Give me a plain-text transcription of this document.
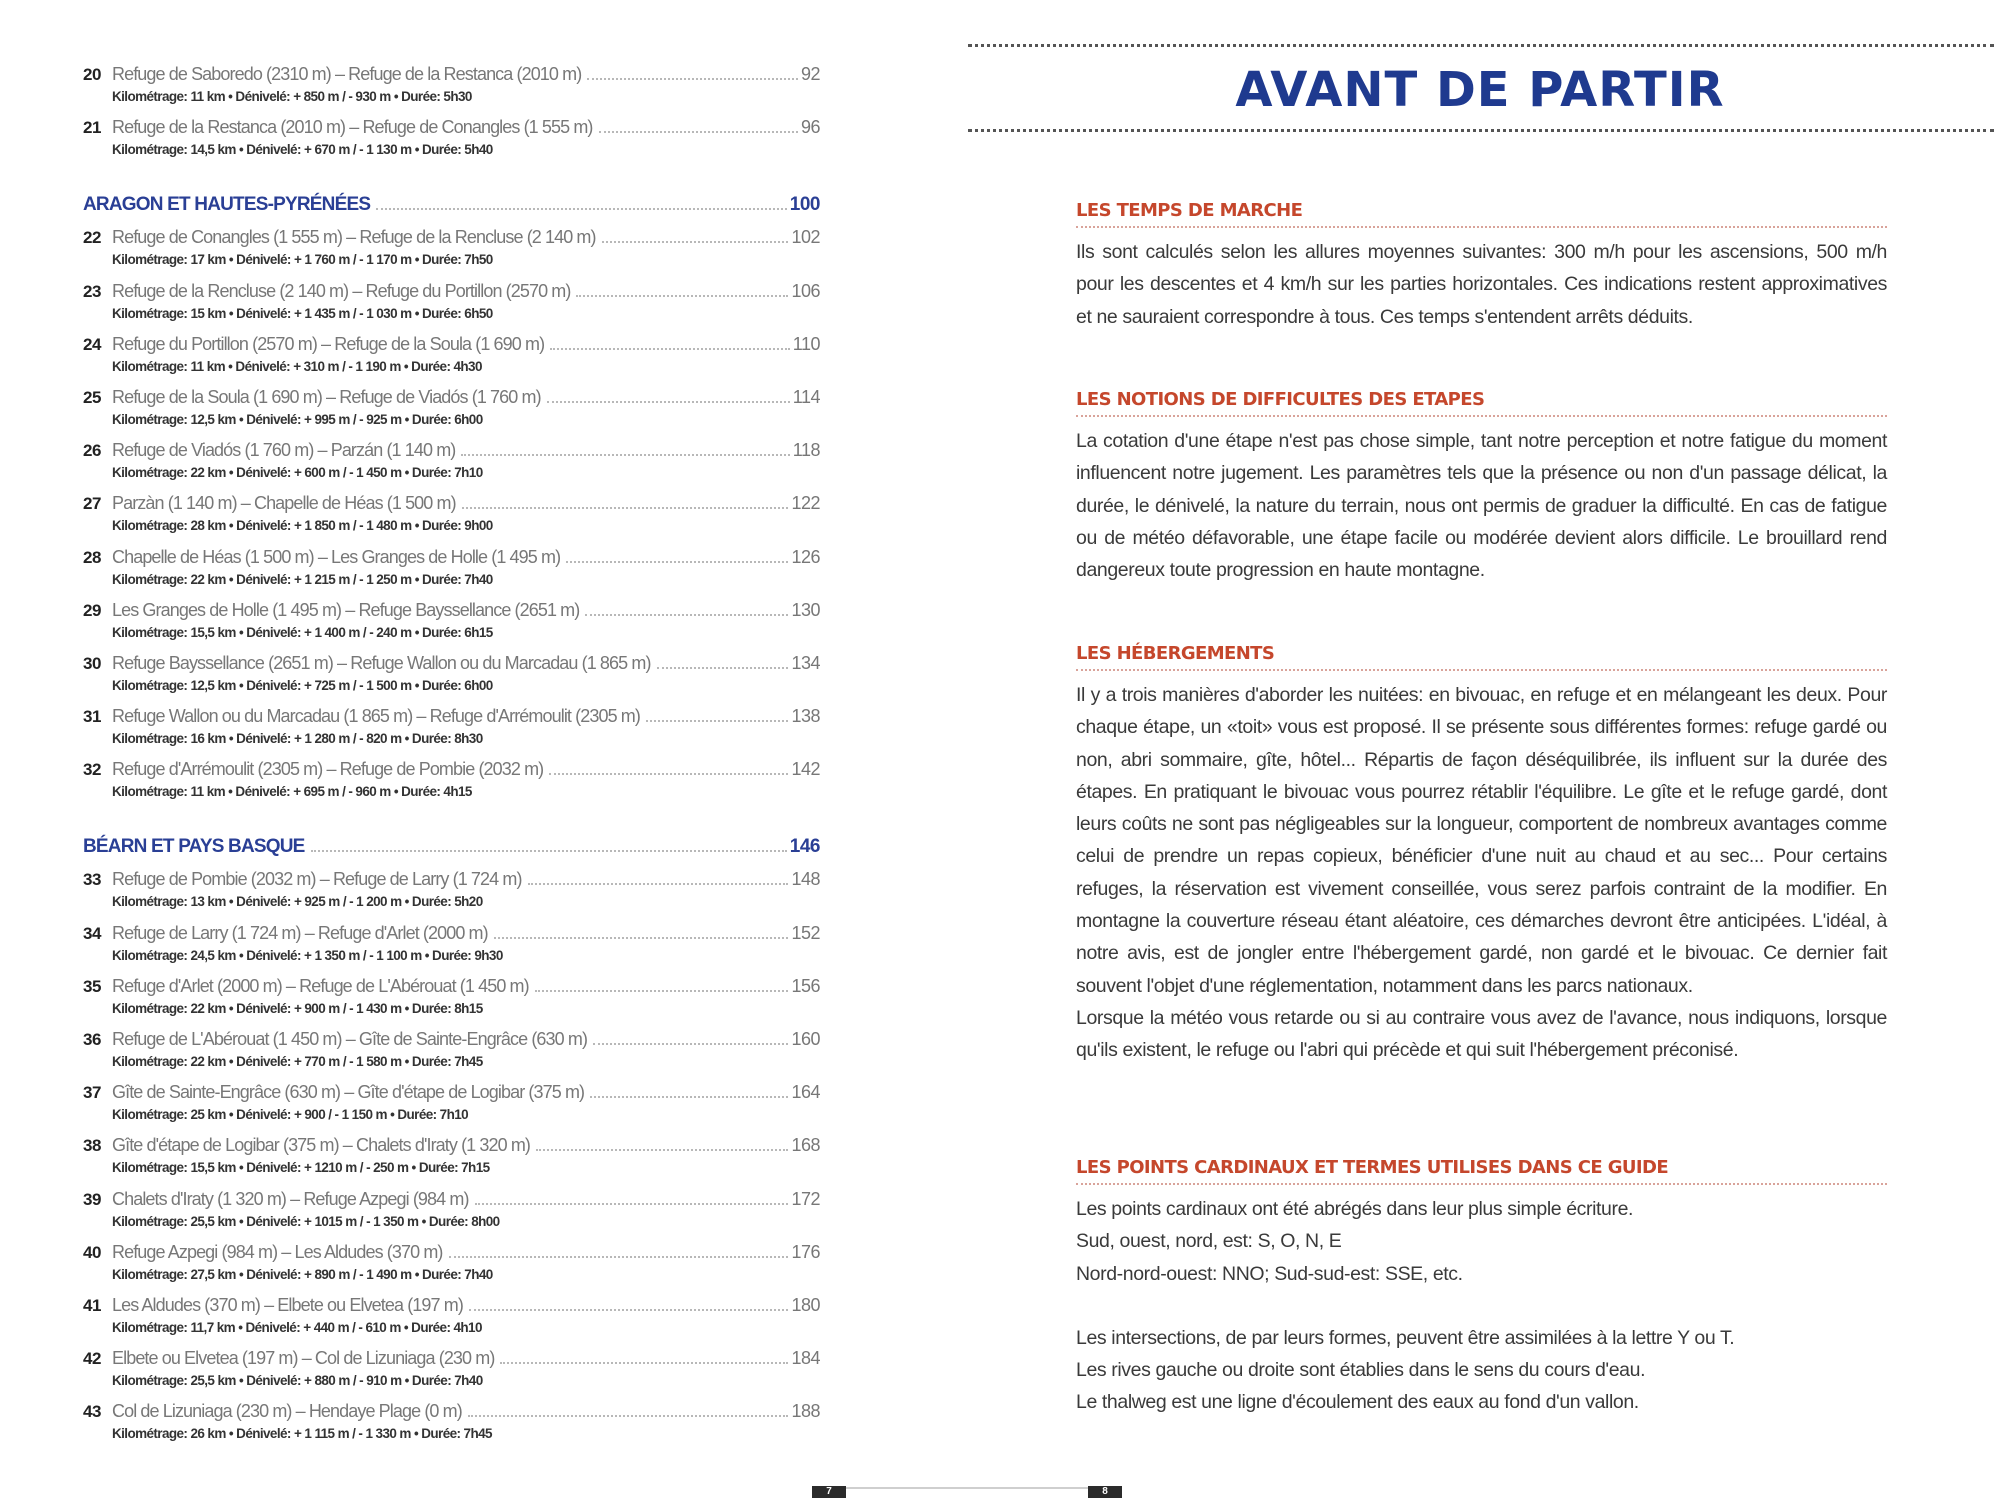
20 Refuge de Saboredo (2310 m) – Refuge de la Restanca (2010 m)	92
Kilométrage: 11 km • Dénivelé: + 850 m / - 930 m • Durée: 5h30
21 Refuge de la Restanca (2010 m) – Refuge de Conangles (1 555 m)	96
Kilométrage: 14,5 km • Dénivelé: + 670 m / - 1 130 m • Durée: 5h40
ARAGON ET HAUTES-PYRÉNÉES	100
22 Refuge de Conangles (1 555 m) – Refuge de la Rencluse (2 140 m)	102
Kilométrage: 17 km • Dénivelé: + 1 760 m / - 1 170 m • Durée: 7h50
23 Refuge de la Rencluse (2 140 m) – Refuge du Portillon (2570 m)	106
Kilométrage: 15 km • Dénivelé: + 1 435 m / - 1 030 m • Durée: 6h50
24 Refuge du Portillon (2570 m) – Refuge de la Soula (1 690 m)	110
Kilométrage: 11 km • Dénivelé: + 310 m / - 1 190 m • Durée: 4h30
25 Refuge de la Soula (1 690 m) – Refuge de Viadós (1 760 m)	114
Kilométrage: 12,5 km • Dénivelé: + 995 m / - 925 m • Durée: 6h00
26 Refuge de Viadós (1 760 m) – Parzán (1 140 m)	118
Kilométrage: 22 km • Dénivelé: + 600 m / - 1 450 m • Durée: 7h10
27 Parzàn (1 140 m) – Chapelle de Héas (1 500 m)	122
Kilométrage: 28 km • Dénivelé: + 1 850 m / - 1 480 m • Durée: 9h00
28 Chapelle de Héas (1 500 m) – Les Granges de Holle (1 495 m)	126
Kilométrage: 22 km • Dénivelé: + 1 215 m / - 1 250 m • Durée: 7h40
29 Les Granges de Holle (1 495 m) – Refuge Bayssellance (2651 m)	130
Kilométrage: 15,5 km • Dénivelé: + 1 400 m / - 240 m • Durée: 6h15
30 Refuge Bayssellance (2651 m) – Refuge Wallon ou du Marcadau (1 865 m)	134
Kilométrage: 12,5 km • Dénivelé: + 725 m / - 1 500 m • Durée: 6h00
31 Refuge Wallon ou du Marcadau (1 865 m) – Refuge d'Arrémoulit (2305 m)	138
Kilométrage: 16 km • Dénivelé: + 1 280 m / - 820 m • Durée: 8h30
32 Refuge d'Arrémoulit (2305 m) – Refuge de Pombie (2032 m)	142
Kilométrage: 11 km • Dénivelé: + 695 m / - 960 m • Durée: 4h15
BÉARN ET PAYS BASQUE	146
33 Refuge de Pombie (2032 m) – Refuge de Larry (1 724 m)	148
Kilométrage: 13 km • Dénivelé: + 925 m / - 1 200 m • Durée: 5h20
34 Refuge de Larry (1 724 m) – Refuge d'Arlet (2000 m)	152
Kilométrage: 24,5 km • Dénivelé: + 1 350 m / - 1 100 m • Durée: 9h30
35 Refuge d'Arlet (2000 m) – Refuge de L'Abérouat (1 450 m)	156
Kilométrage: 22 km • Dénivelé: + 900 m / - 1 430 m • Durée: 8h15
36 Refuge de L'Abérouat (1 450 m) – Gîte de Sainte-Engrâce (630 m)	160
Kilométrage: 22 km • Dénivelé: + 770 m / - 1 580 m • Durée: 7h45
37 Gîte de Sainte-Engrâce (630 m) – Gîte d'étape de Logibar (375 m)	164
Kilométrage: 25 km • Dénivelé: + 900 / - 1 150 m • Durée: 7h10
38 Gîte d'étape de Logibar (375 m) – Chalets d'Iraty (1 320 m)	168
Kilométrage: 15,5 km • Dénivelé: + 1210 m / - 250 m • Durée: 7h15
39 Chalets d'Iraty (1 320 m) – Refuge Azpegi (984 m)	172
Kilométrage: 25,5 km • Dénivelé: + 1015 m / - 1 350 m • Durée: 8h00
40 Refuge Azpegi (984 m) – Les Aldudes (370 m)	176
Kilométrage: 27,5 km • Dénivelé: + 890 m / - 1 490 m • Durée: 7h40
41 Les Aldudes (370 m) – Elbete ou Elvetea (197 m)	180
Kilométrage: 11,7 km • Dénivelé: + 440 m / - 610 m • Durée: 4h10
42 Elbete ou Elvetea (197 m) – Col de Lizuniaga (230 m)	184
Kilométrage: 25,5 km • Dénivelé: + 880 m / - 910 m • Durée: 7h40
43 Col de Lizuniaga (230 m) – Hendaye Plage (0 m)	188
Kilométrage: 26 km • Dénivelé: + 1 115 m / - 1 330 m • Durée: 7h45
AVANT DE PARTIR
LES TEMPS DE MARCHE

Ils sont calculés selon les allures moyennes suivantes: 300 m/h pour les ascensions, 500 m/h pour les descentes et 4 km/h sur les parties horizontales. Ces indications restent approximatives et ne sauraient correspondre à tous. Ces temps s'entendent arrêts déduits.

LES NOTIONS DE DIFFICULTES DES ETAPES

La cotation d'une étape n'est pas chose simple, tant notre perception et notre fatigue du moment influencent notre jugement. Les paramètres tels que la présence ou non d'un passage délicat, la durée, le dénivelé, la nature du terrain, nous ont permis de graduer la difficulté. En cas de fatigue ou de météo défavorable, une étape facile ou modérée devient alors difficile. Le brouillard rend dangereux toute progression en haute montagne.

LES HÉBERGEMENTS

Il y a trois manières d'aborder les nuitées: en bivouac, en refuge et en mélangeant les deux. Pour chaque étape, un «toit» vous est proposé. Il se présente sous différentes formes: refuge gardé ou non, abri sommaire, gîte, hôtel... Répartis de façon déséquilibrée, ils influent sur la durée des étapes. En pratiquant le bivouac vous pourrez rétablir l'équilibre. Le gîte et le refuge gardé, dont leurs coûts ne sont pas négligeables sur la longueur, comportent de nombreux avantages comme celui de prendre un repas copieux, bénéficier d'une nuit au chaud et au sec... Pour certains refuges, la réservation est vivement conseillée, vous serez parfois contraint de la modifier. En montagne la couverture réseau étant aléatoire, ces démarches devront être anticipées. L'idéal, à notre avis, est de jongler entre l'hébergement gardé, non gardé et le bivouac. Ce dernier fait souvent l'objet d'une réglementation, notamment dans les parcs nationaux.

Lorsque la météo vous retarde ou si au contraire vous avez de l'avance, nous indiquons, lorsque qu'ils existent, le refuge ou l'abri qui précède et qui suit l'hébergement préconisé.

LES POINTS CARDINAUX ET TERMES UTILISES DANS CE GUIDE

Les points cardinaux ont été abrégés dans leur plus simple écriture.

Sud, ouest, nord, est: S, O, N, E

Nord-nord-ouest: NNO; Sud-sud-est: SSE, etc.

Les intersections, de par leurs formes, peuvent être assimilées à la lettre Y ou T.

Les rives gauche ou droite sont établies dans le sens du cours d'eau.

Le thalweg est une ligne d'écoulement des eaux au fond d'un vallon.

7	8
